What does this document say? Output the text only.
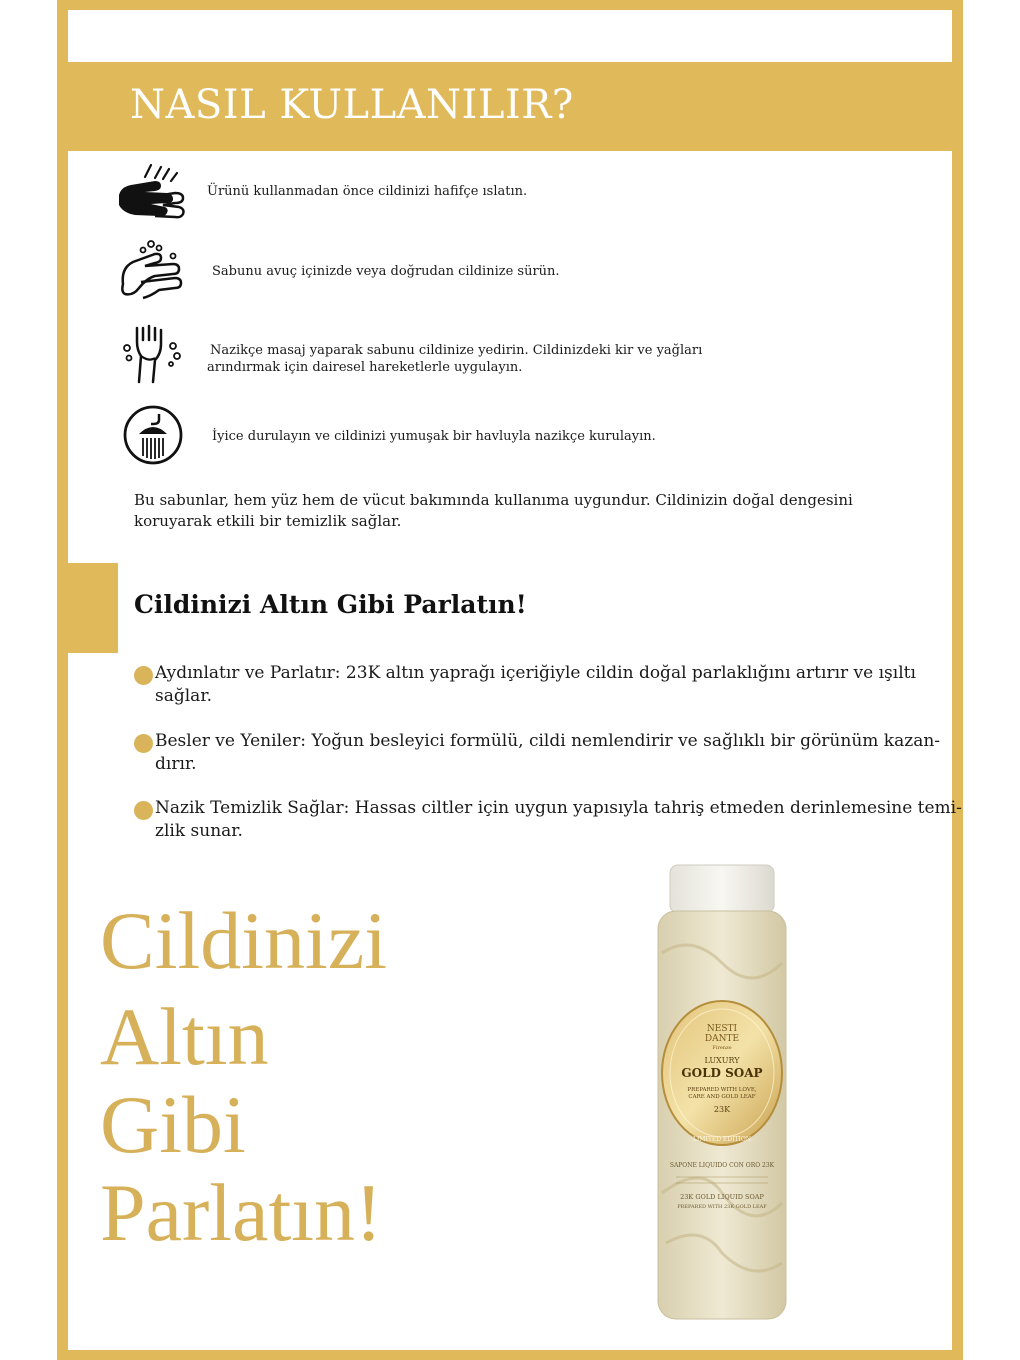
NASIL KULLANILIR?
Ürünü kullanmadan önce cildinizi hafifçe ıslatın.
Sabunu avuç içinizde veya doğrudan cildinize sürün.
Nazikçe masaj yaparak sabunu cildinize yedirin. Cildinizdeki kir ve yağları
arındırmak için dairesel hareketlerle uygulayın.
İyice durulayın ve cildinizi yumuşak bir havluyla nazikçe kurulayın.
Bu sabunlar, hem yüz hem de vücut bakımında kullanıma uygundur. Cildinizin doğal dengesini
koruyarak etkili bir temizlik sağlar.
Cildinizi Altın Gibi Parlatın!
Aydınlatır ve Parlatır: 23K altın yaprağı içeriğiyle cildin doğal parlaklığını artırır ve ışıltı
sağlar.
Besler ve Yeniler: Yoğun besleyici formülü, cildi nemlendirir ve sağlıklı bir görünüm kazan-
dırır.
Nazik Temizlik Sağlar: Hassas ciltler için uygun yapısıyla tahriş etmeden derinlemesine temi-
zlik sunar.
Cildinizi
Altın
Gibi
Parlatın!
NESTI
DANTE
Firenze
LUXURY
GOLD SOAP
PREPARED WITH LOVE,
CARE AND GOLD LEAF
23K
LIMITED EDITION
SAPONE LIQUIDO CON ORO 23K
23K GOLD LIQUID SOAP
PREPARED WITH 23K GOLD LEAF
